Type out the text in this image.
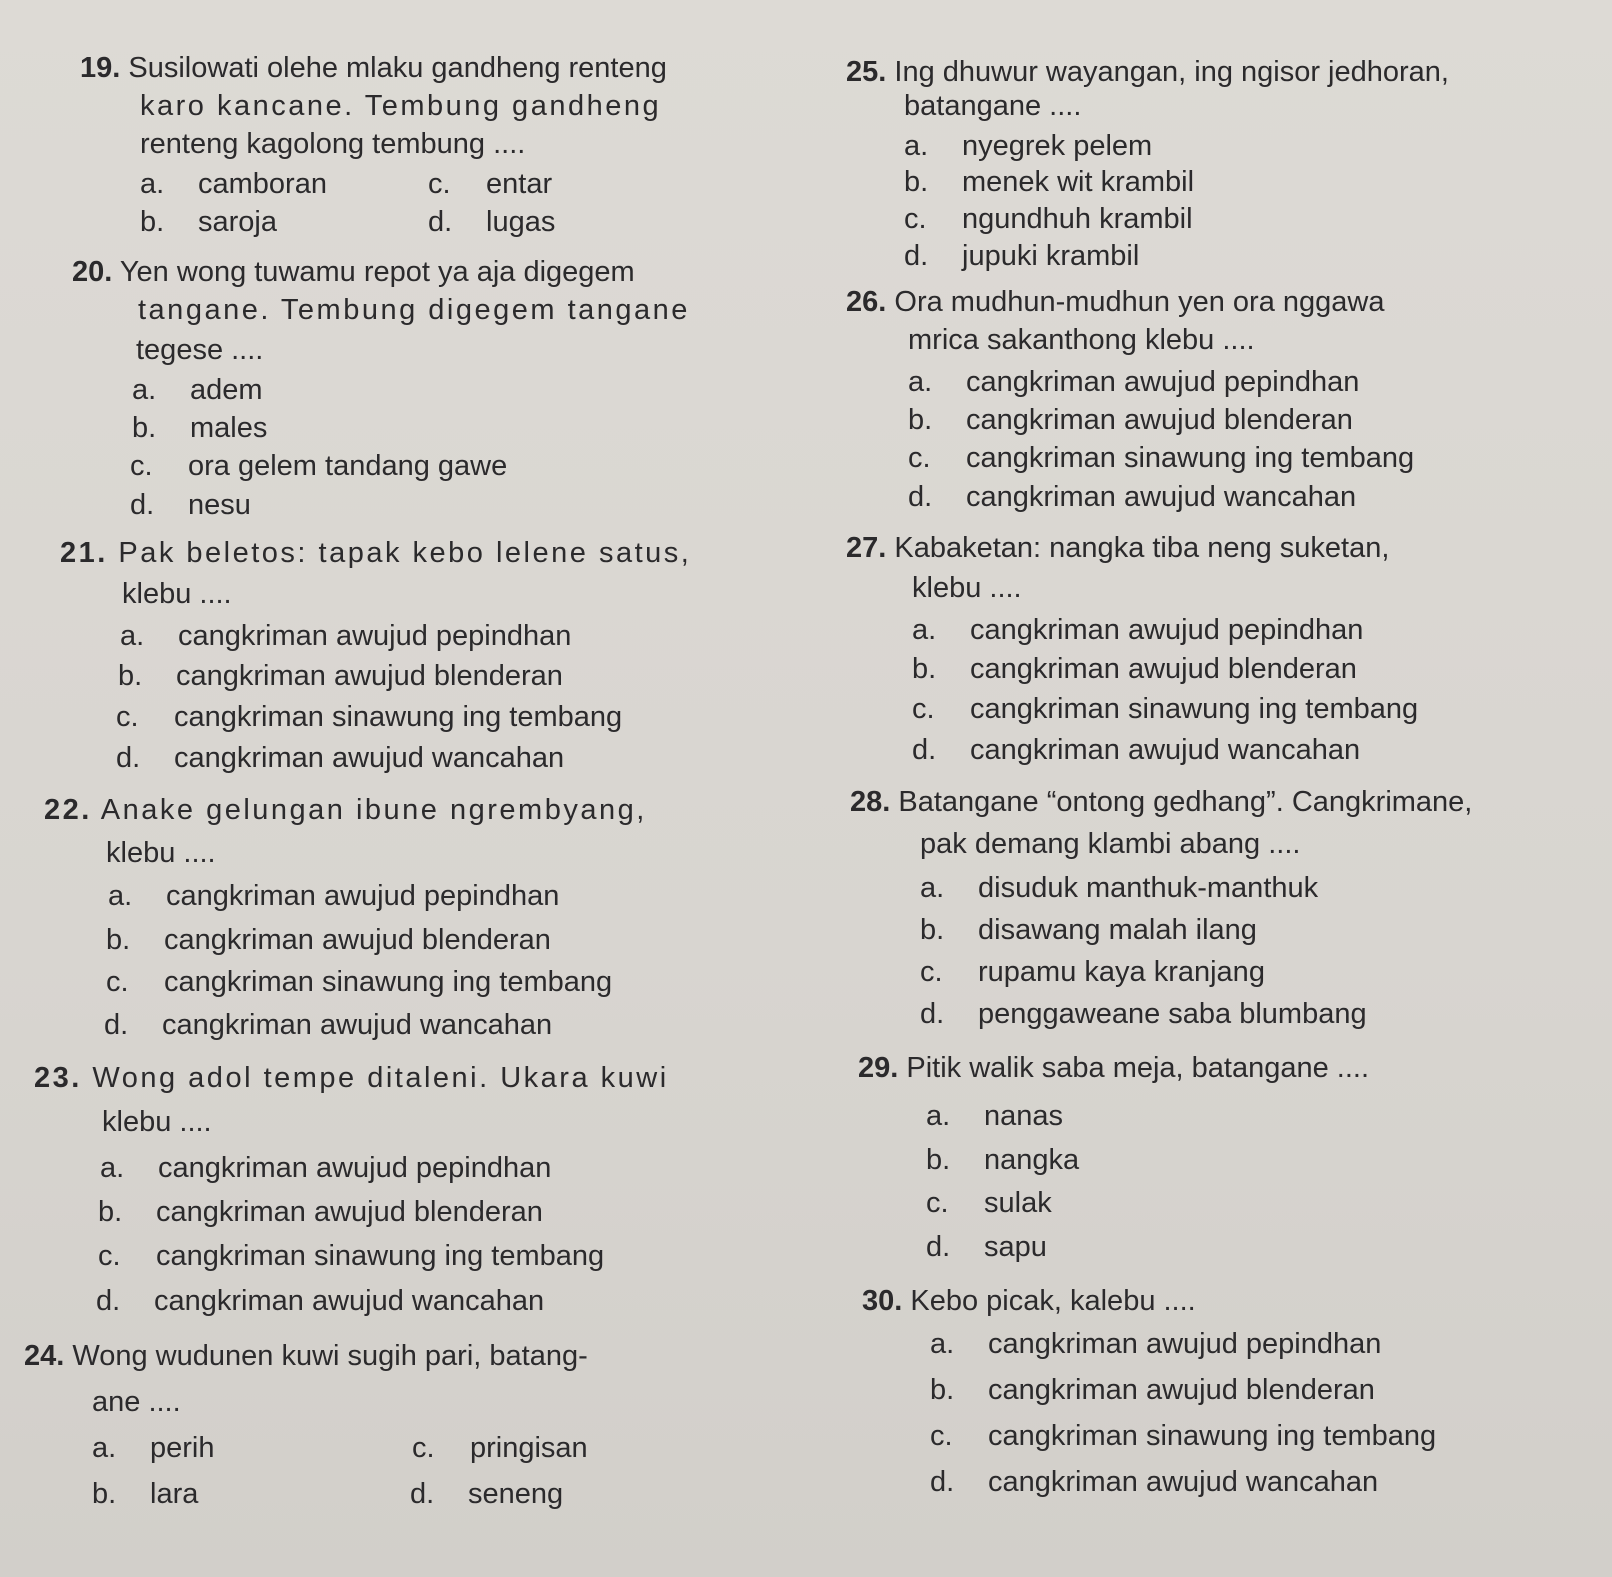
19. Susilowati olehe mlaku gandheng renteng
karo kancane. Tembung gandheng
renteng kagolong tembung ....
a. camboran	c. entar
b. saroja	d. lugas
20. Yen wong tuwamu repot ya aja digegem
tangane. Tembung digegem tangane
tegese ....
a. adem
b. males
c. ora gelem tandang gawe
d. nesu
21. Pak beletos: tapak kebo lelene satus,
klebu ....
a. cangkriman awujud pepindhan
b. cangkriman awujud blenderan
c. cangkriman sinawung ing tembang
d. cangkriman awujud wancahan
22. Anake gelungan ibune ngrembyang,
klebu ....
a. cangkriman awujud pepindhan
b. cangkriman awujud blenderan
c. cangkriman sinawung ing tembang
d. cangkriman awujud wancahan
23. Wong adol tempe ditaleni. Ukara kuwi
klebu ....
a. cangkriman awujud pepindhan
b. cangkriman awujud blenderan
c. cangkriman sinawung ing tembang
d. cangkriman awujud wancahan
24. Wong wudunen kuwi sugih pari, batang-
ane ....
a. perih	c. pringisan
b. lara	d. seneng
25. Ing dhuwur wayangan, ing ngisor jedhoran,
batangane ....
a. nyegrek pelem
b. menek wit krambil
c. ngundhuh krambil
d. jupuki krambil
26. Ora mudhun-mudhun yen ora nggawa
mrica sakanthong klebu ....
a. cangkriman awujud pepindhan
b. cangkriman awujud blenderan
c. cangkriman sinawung ing tembang
d. cangkriman awujud wancahan
27. Kabaketan: nangka tiba neng suketan,
klebu ....
a. cangkriman awujud pepindhan
b. cangkriman awujud blenderan
c. cangkriman sinawung ing tembang
d. cangkriman awujud wancahan
28. Batangane “ontong gedhang”. Cangkrimane,
pak demang klambi abang ....
a. disuduk manthuk-manthuk
b. disawang malah ilang
c. rupamu kaya kranjang
d. penggaweane saba blumbang
29. Pitik walik saba meja, batangane ....
a. nanas
b. nangka
c. sulak
d. sapu
30. Kebo picak, kalebu ....
a. cangkriman awujud pepindhan
b. cangkriman awujud blenderan
c. cangkriman sinawung ing tembang
d. cangkriman awujud wancahan
